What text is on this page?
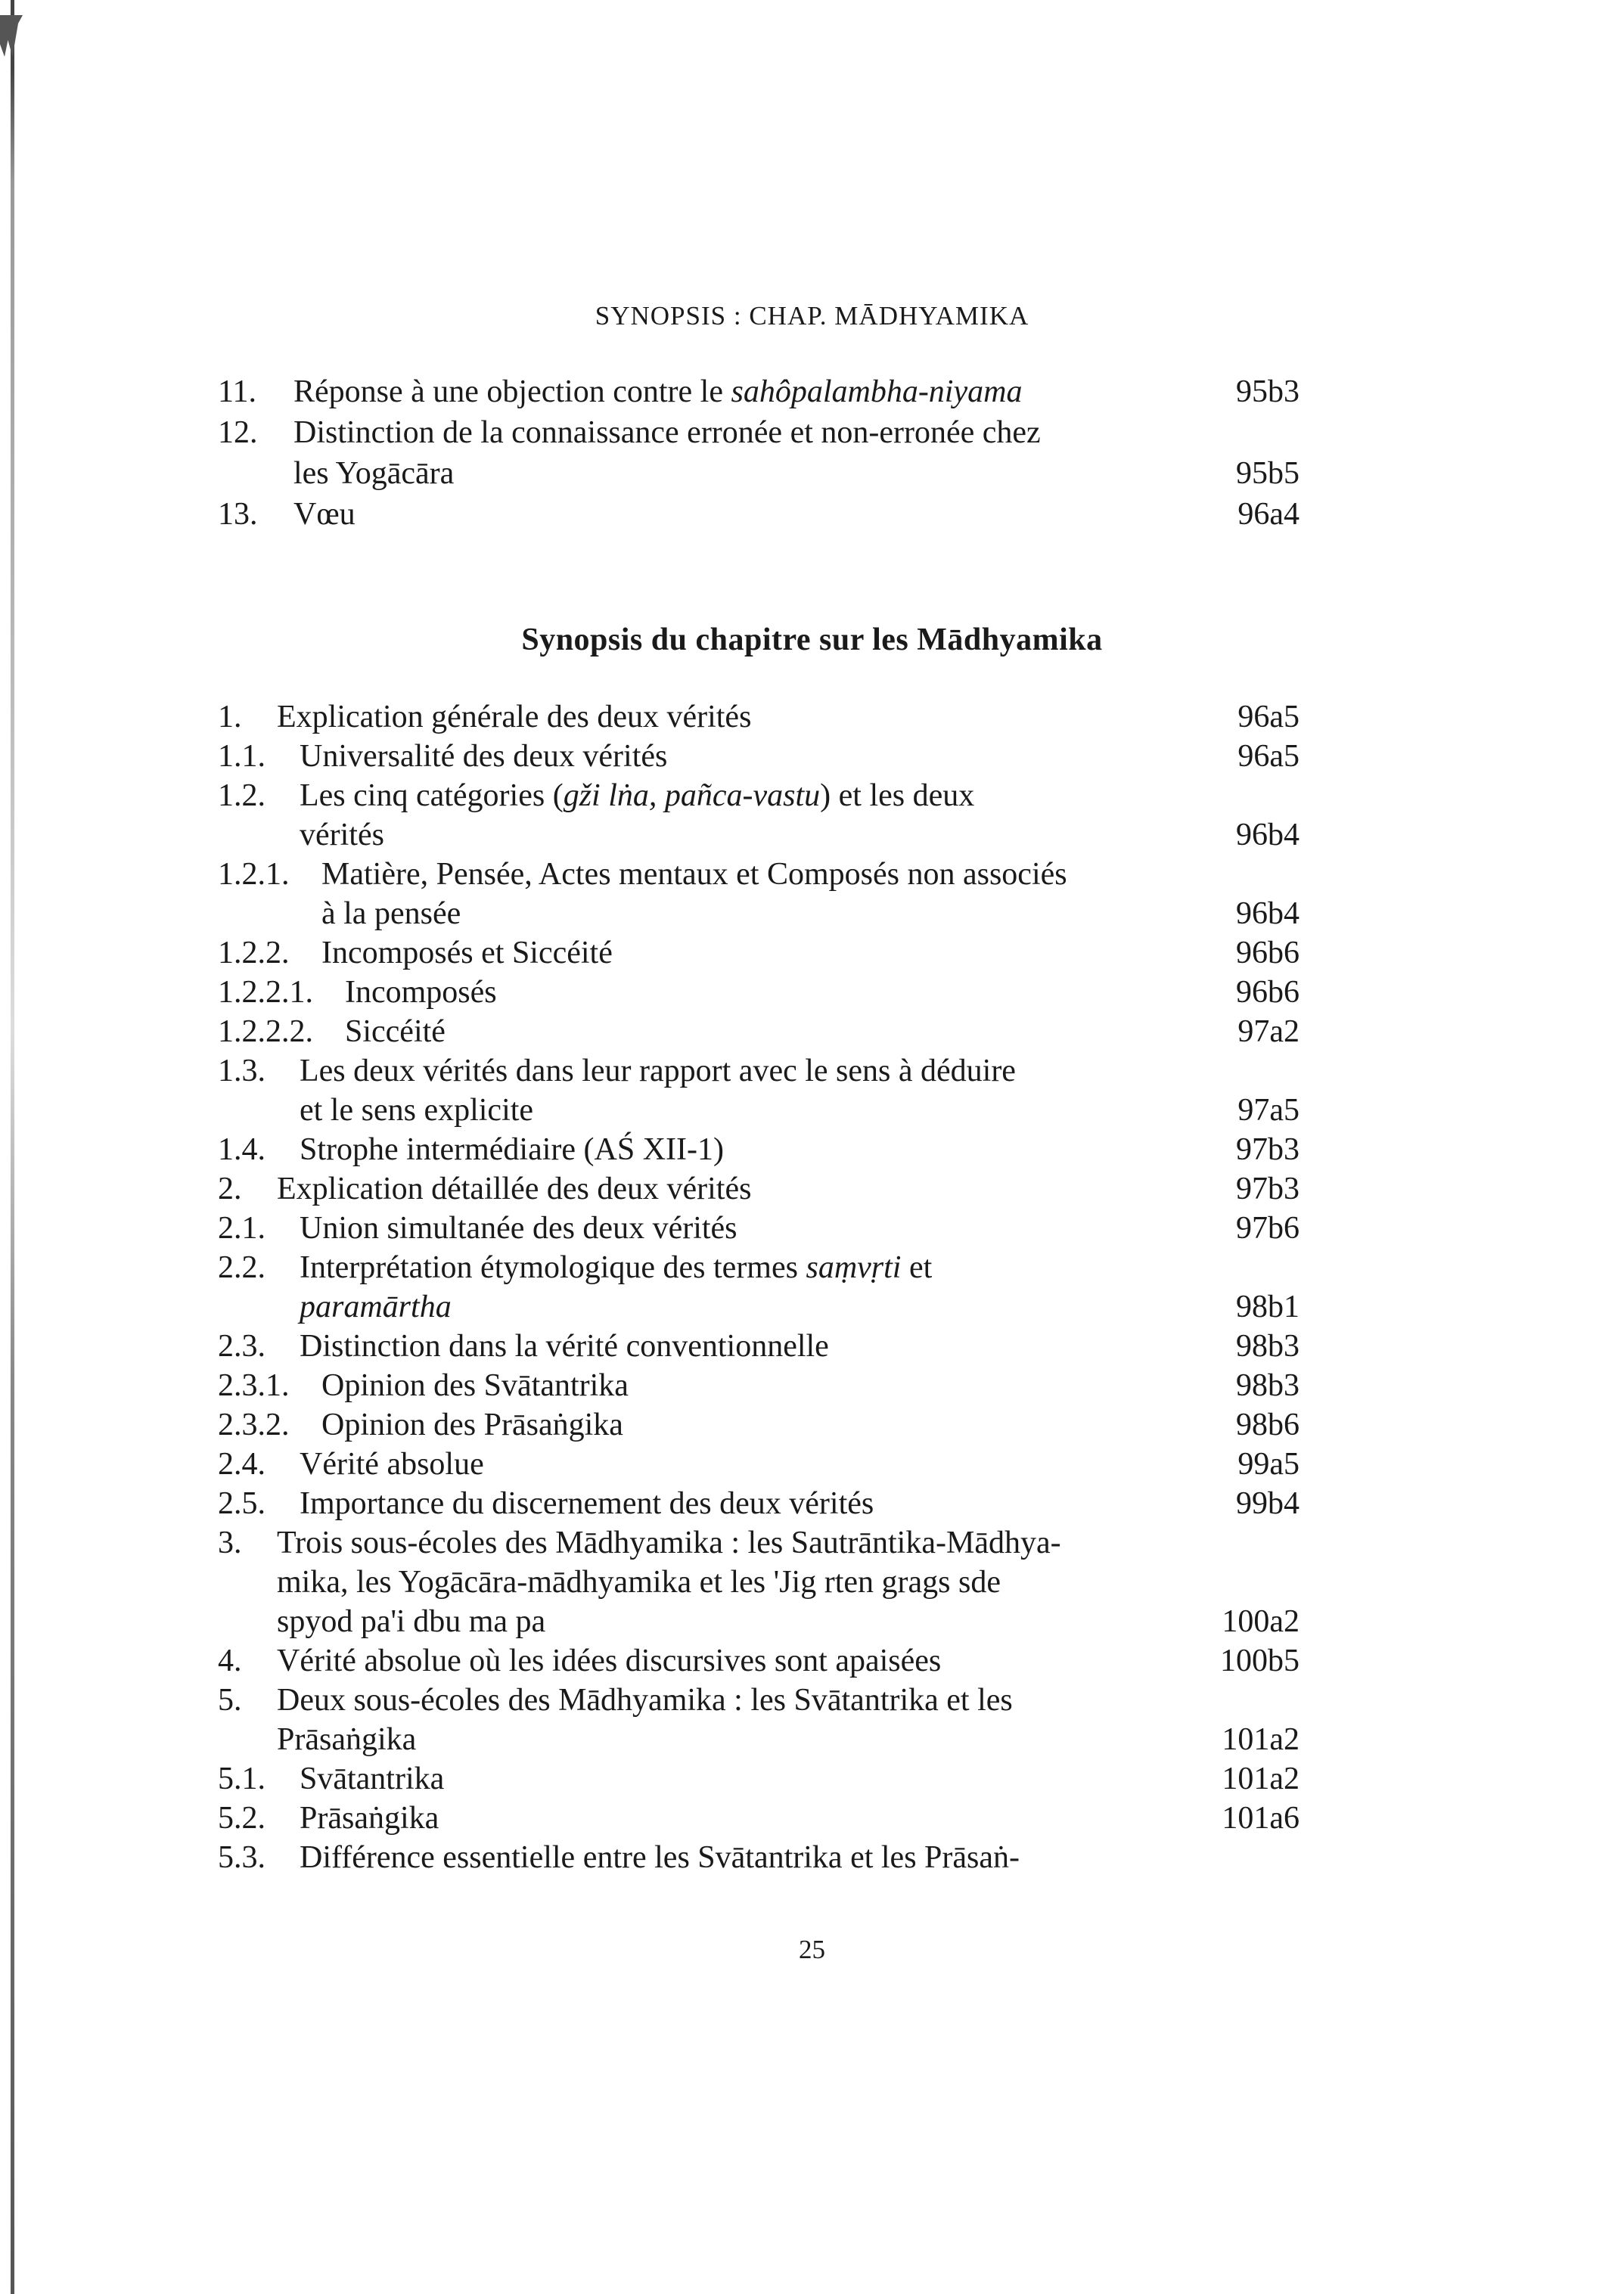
SYNOPSIS : CHAP. MĀDHYAMIKA
11. Réponse à une objection contre le sahôpalambha-niyama	95b3
12. Distinction de la connaissance erronée et non-erronée chez
les Yogācāra	95b5
13. Vœu	96a4
Synopsis du chapitre sur les Mādhyamika
1. Explication générale des deux vérités	96a5
1.1. Universalité des deux vérités	96a5
1.2. Les cinq catégories (gži lṅa, pañca-vastu) et les deux
vérités	96b4
1.2.1. Matière, Pensée, Actes mentaux et Composés non associés
à la pensée	96b4
1.2.2. Incomposés et Siccéité	96b6
1.2.2.1. Incomposés	96b6
1.2.2.2. Siccéité	97a2
1.3. Les deux vérités dans leur rapport avec le sens à déduire
et le sens explicite	97a5
1.4. Strophe intermédiaire (AŚ XII-1)	97b3
2. Explication détaillée des deux vérités	97b3
2.1. Union simultanée des deux vérités	97b6
2.2. Interprétation étymologique des termes saṃvṛti et
paramārtha	98b1
2.3. Distinction dans la vérité conventionnelle	98b3
2.3.1. Opinion des Svātantrika	98b3
2.3.2. Opinion des Prāsaṅgika	98b6
2.4. Vérité absolue	99a5
2.5. Importance du discernement des deux vérités	99b4
3. Trois sous-écoles des Mādhyamika : les Sautrāntika-Mādhya-
mika, les Yogācāra-mādhyamika et les 'Jig rten grags sde
spyod pa'i dbu ma pa	100a2
4. Vérité absolue où les idées discursives sont apaisées	100b5
5. Deux sous-écoles des Mādhyamika : les Svātantrika et les
Prāsaṅgika	101a2
5.1. Svātantrika	101a2
5.2. Prāsaṅgika	101a6
5.3. Différence essentielle entre les Svātantrika et les Prāsaṅ-
25
